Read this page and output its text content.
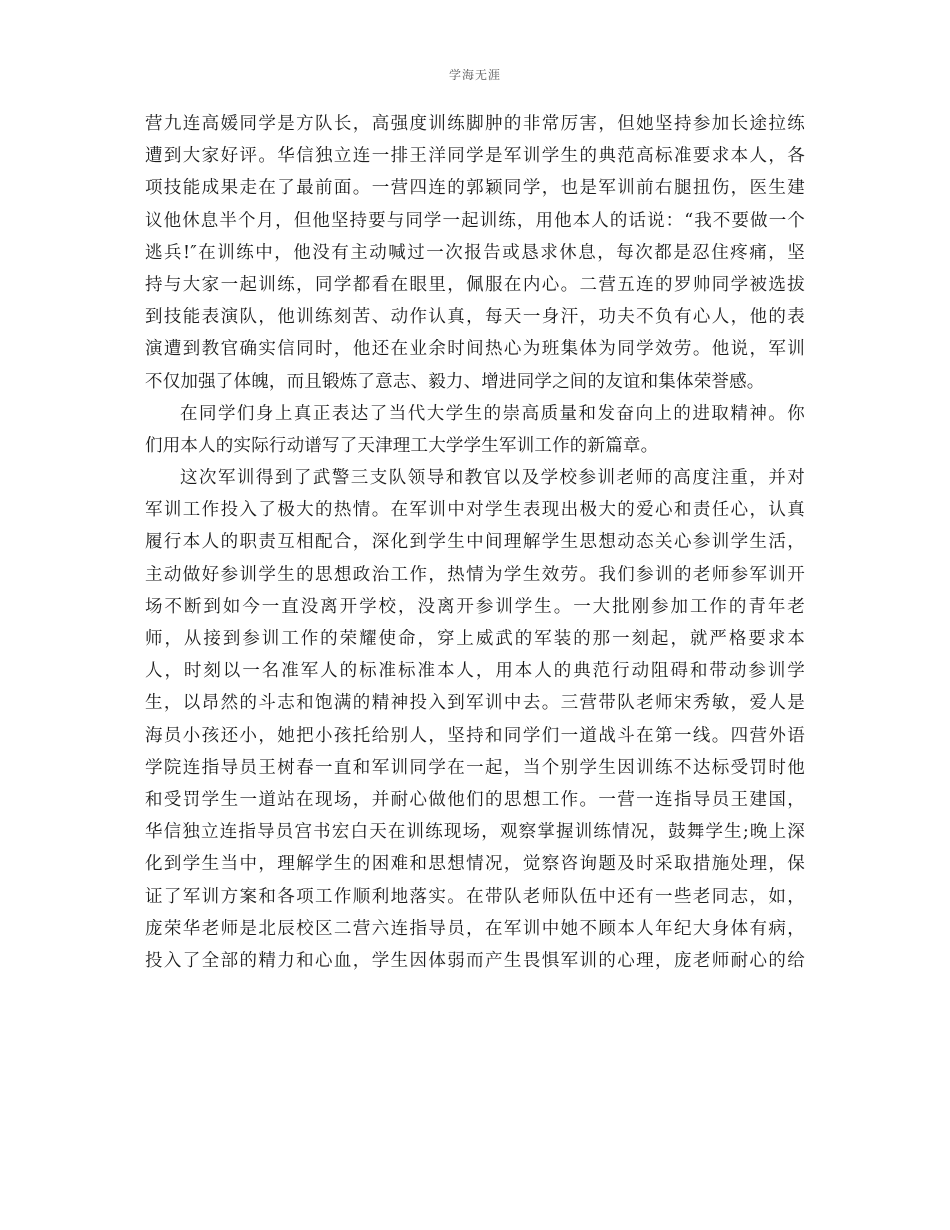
学海无涯
营九连高媛同学是方队长，高强度训练脚肿的非常厉害，但她坚持参加长途拉练
遭到大家好评。华信独立连一排王洋同学是军训学生的典范高标准要求本人，各
项技能成果走在了最前面。一营四连的郭颖同学，也是军训前右腿扭伤，医生建
议他休息半个月，但他坚持要与同学一起训练，用他本人的话说：“我不要做一个
逃兵!″在训练中，他没有主动喊过一次报告或恳求休息，每次都是忍住疼痛，坚
持与大家一起训练，同学都看在眼里，佩服在内心。二营五连的罗帅同学被选拔
到技能表演队，他训练刻苦、动作认真，每天一身汗，功夫不负有心人，他的表
演遭到教官确实信同时，他还在业余时间热心为班集体为同学效劳。他说，军训
不仅加强了体魄，而且锻炼了意志、毅力、增进同学之间的友谊和集体荣誉感。
在同学们身上真正表达了当代大学生的崇高质量和发奋向上的进取精神。你
们用本人的实际行动谱写了天津理工大学学生军训工作的新篇章。
这次军训得到了武警三支队领导和教官以及学校参训老师的高度注重，并对
军训工作投入了极大的热情。在军训中对学生表现出极大的爱心和责任心，认真
履行本人的职责互相配合，深化到学生中间理解学生思想动态关心参训学生活，
主动做好参训学生的思想政治工作，热情为学生效劳。我们参训的老师参军训开
场不断到如今一直没离开学校，没离开参训学生。一大批刚参加工作的青年老
师，从接到参训工作的荣耀使命，穿上威武的军装的那一刻起，就严格要求本
人，时刻以一名准军人的标准标准本人，用本人的典范行动阻碍和带动参训学
生，以昂然的斗志和饱满的精神投入到军训中去。三营带队老师宋秀敏，爱人是
海员小孩还小，她把小孩托给别人，坚持和同学们一道战斗在第一线。四营外语
学院连指导员王树春一直和军训同学在一起，当个别学生因训练不达标受罚时他
和受罚学生一道站在现场，并耐心做他们的思想工作。一营一连指导员王建国，
华信独立连指导员宫书宏白天在训练现场，观察掌握训练情况，鼓舞学生;晚上深
化到学生当中，理解学生的困难和思想情况，觉察咨询题及时采取措施处理，保
证了军训方案和各项工作顺利地落实。在带队老师队伍中还有一些老同志，如，
庞荣华老师是北辰校区二营六连指导员，在军训中她不顾本人年纪大身体有病，
投入了全部的精力和心血，学生因体弱而产生畏惧军训的心理，庞老师耐心的给
